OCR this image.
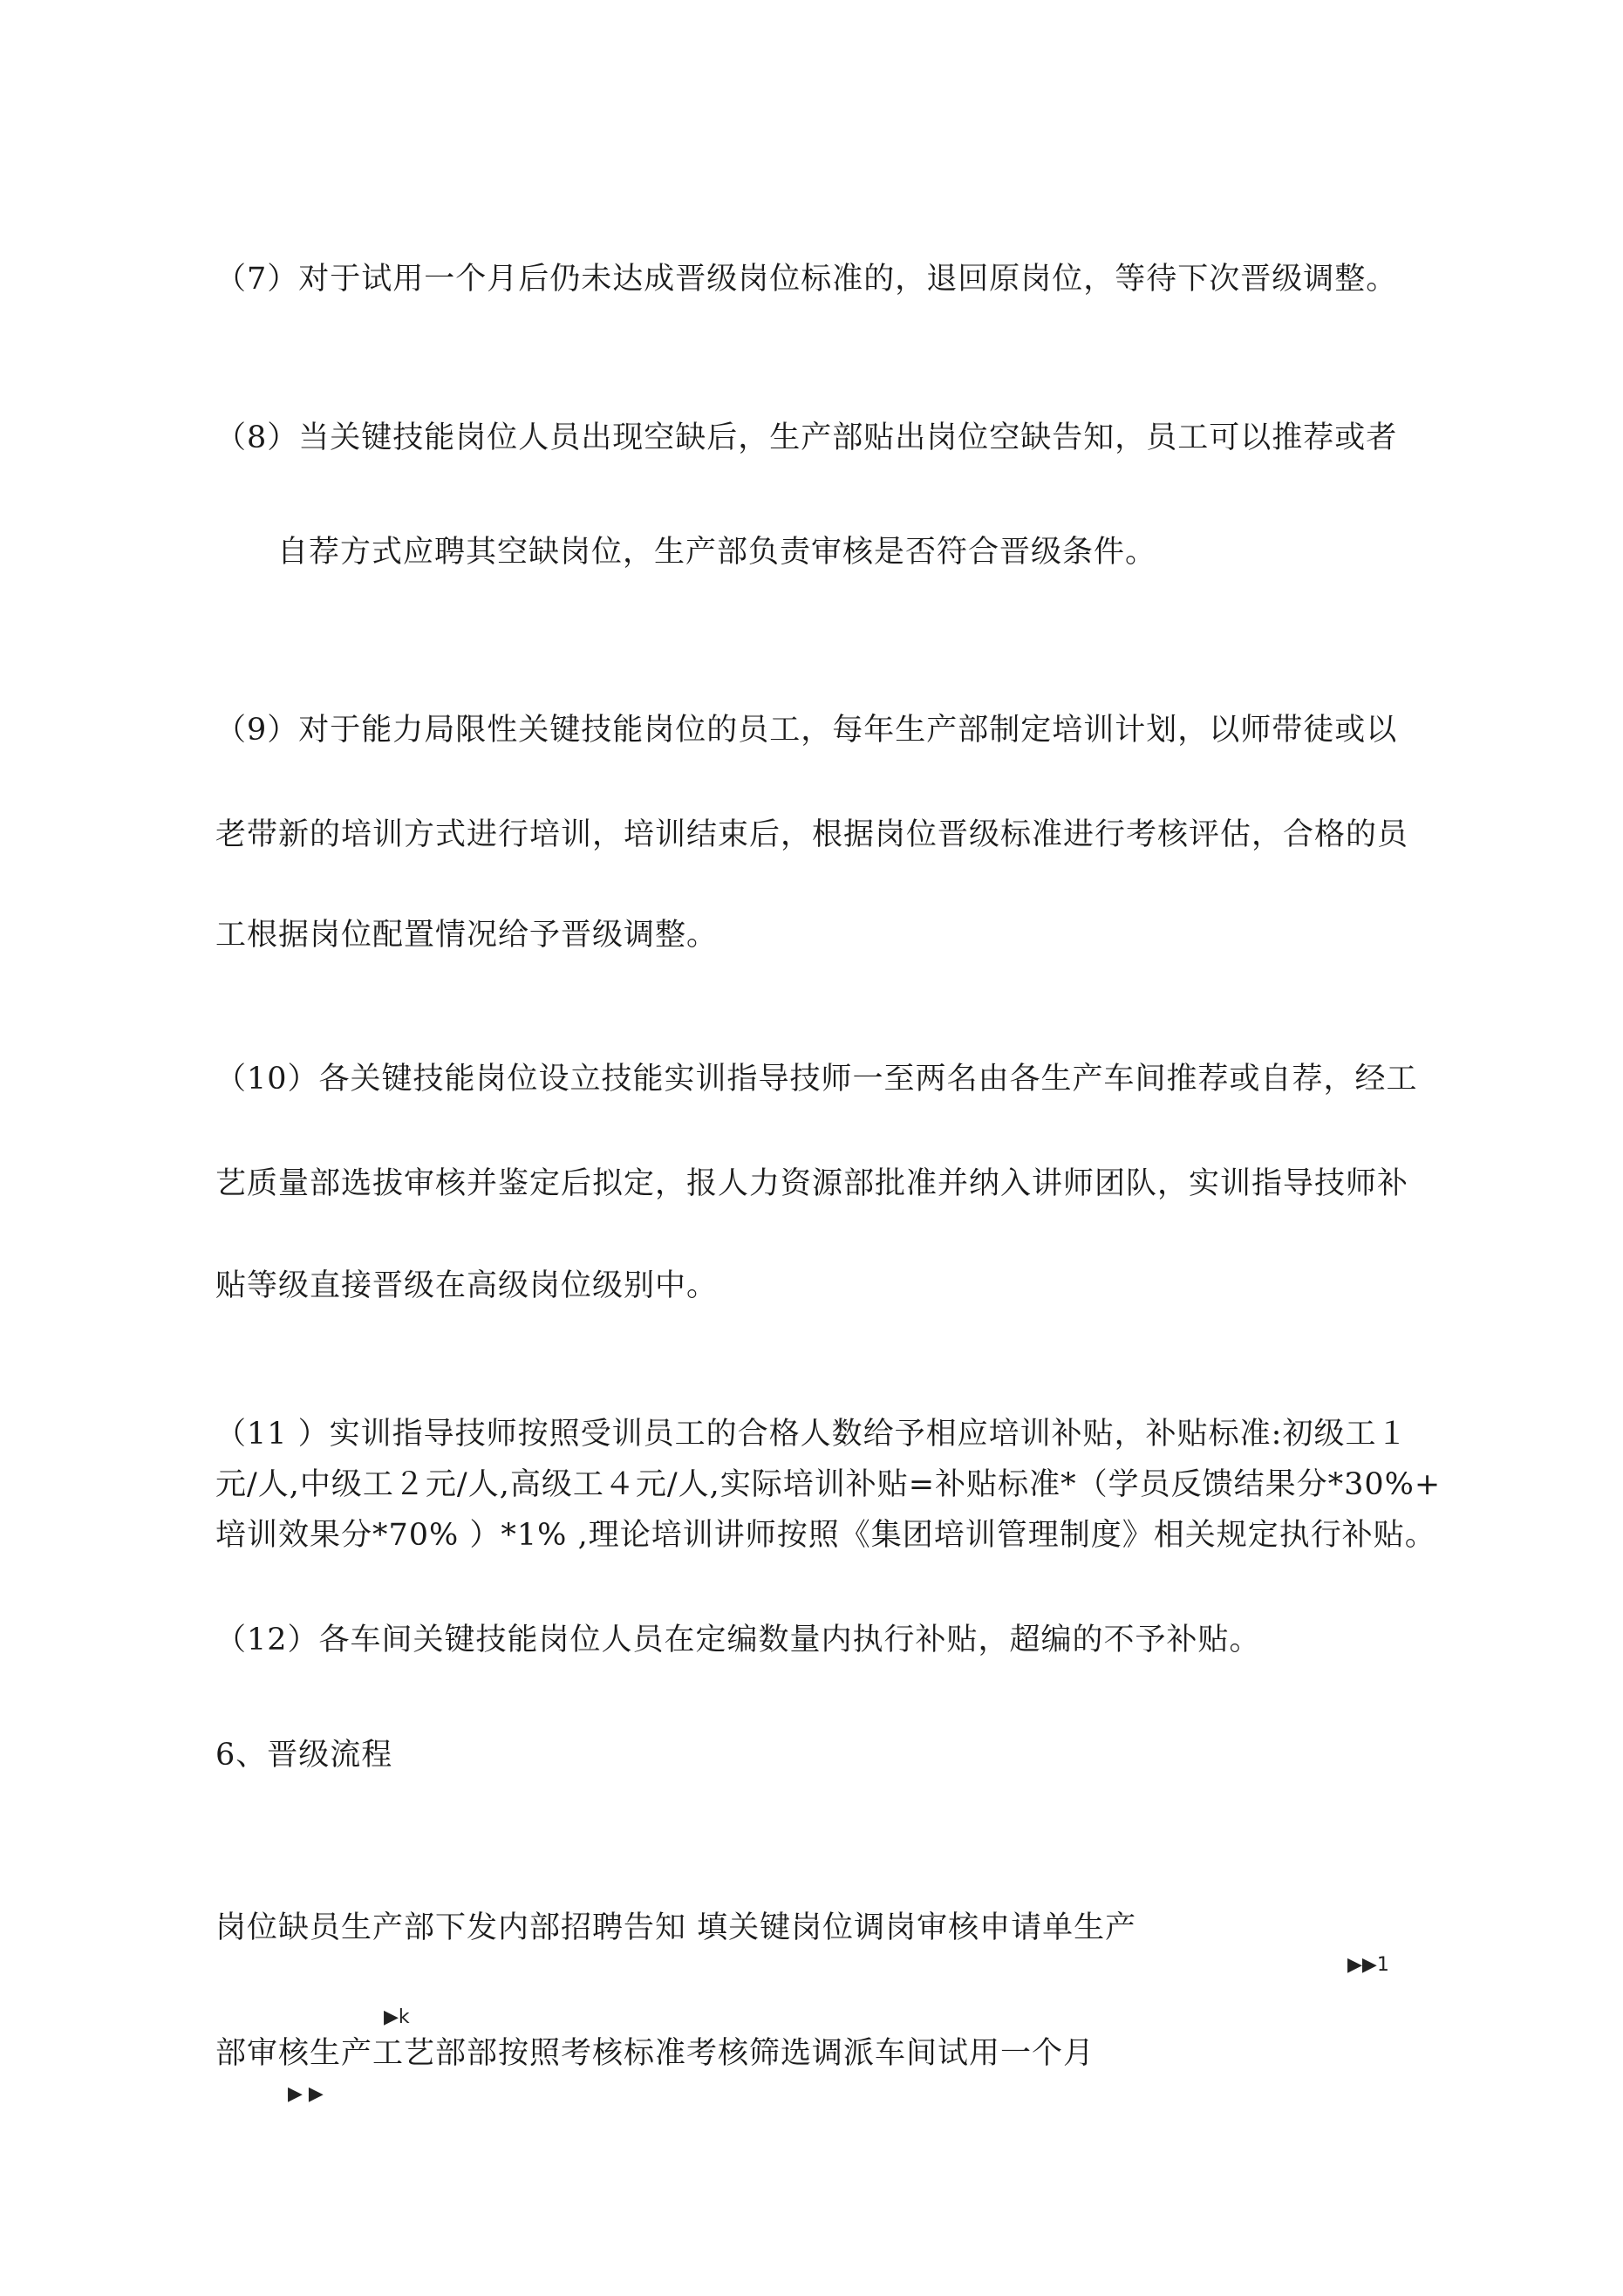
（7）对于试用一个月后仍未达成晋级岗位标准的，退回原岗位，等待下次晋级调整。
（8）当关键技能岗位人员出现空缺后，生产部贴出岗位空缺告知，员工可以推荐或者
自荐方式应聘其空缺岗位，生产部负责审核是否符合晋级条件。
（9）对于能力局限性关键技能岗位的员工，每年生产部制定培训计划，以师带徒或以
老带新的培训方式进行培训，培训结束后，根据岗位晋级标准进行考核评估，合格的员
工根据岗位配置情况给予晋级调整。
（10）各关键技能岗位设立技能实训指导技师一至两名由各生产车间推荐或自荐，经工
艺质量部选拔审核并鉴定后拟定，报人力资源部批准并纳入讲师团队，实训指导技师补
贴等级直接晋级在高级岗位级别中。
（11 ）实训指导技师按照受训员工的合格人数给予相应培训补贴，补贴标准:初级工１
元/人,中级工２元/人,高级工４元/人,实际培训补贴=补贴标准*（学员反馈结果分*30%+
培训效果分*70% ）*1% ,理论培训讲师按照《集团培训管理制度》相关规定执行补贴。
（12）各车间关键技能岗位人员在定编数量内执行补贴，超编的不予补贴。
6、晋级流程
岗位缺员生产部下发内部招聘告知 填关键岗位调岗审核申请单生产
▶▶1
▶k
部审核生产工艺部部按照考核标准考核筛选调派车间试用一个月
▶ ▶
